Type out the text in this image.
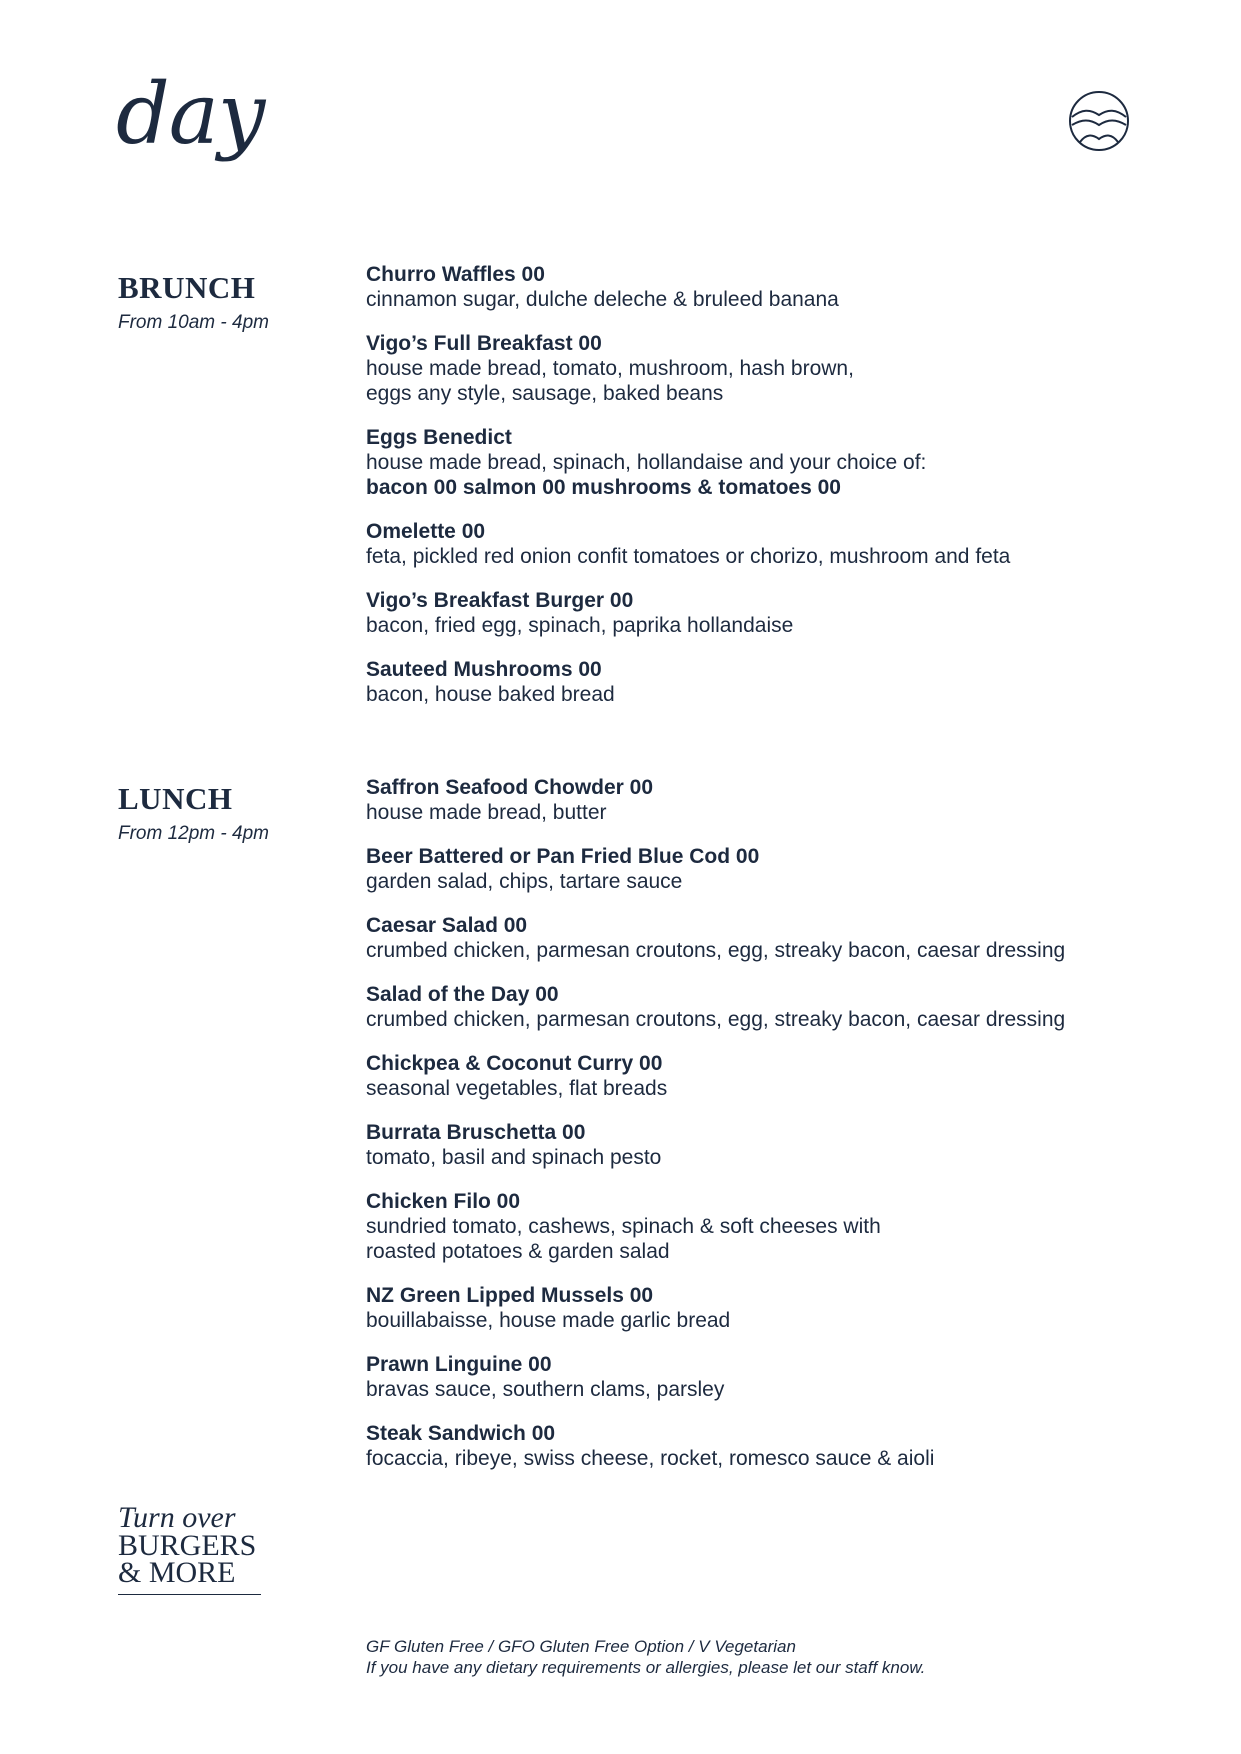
day
BRUNCH
From 10am - 4pm
Churro Waffles 00
cinnamon sugar, dulche deleche & bruleed banana
Vigo’s Full Breakfast 00
house made bread, tomato, mushroom, hash brown,
eggs any style, sausage, baked beans
Eggs Benedict
house made bread, spinach, hollandaise and your choice of:
bacon 00 salmon 00 mushrooms & tomatoes 00
Omelette 00
feta, pickled red onion confit tomatoes or chorizo, mushroom and feta
Vigo’s Breakfast Burger 00
bacon, fried egg, spinach, paprika hollandaise
Sauteed Mushrooms 00
bacon, house baked bread
LUNCH
From 12pm - 4pm
Saffron Seafood Chowder 00
house made bread, butter
Beer Battered or Pan Fried Blue Cod 00
garden salad, chips, tartare sauce
Caesar Salad 00
crumbed chicken, parmesan croutons, egg, streaky bacon, caesar dressing
Salad of the Day 00
crumbed chicken, parmesan croutons, egg, streaky bacon, caesar dressing
Chickpea & Coconut Curry 00
seasonal vegetables, flat breads
Burrata Bruschetta 00
tomato, basil and spinach pesto
Chicken Filo 00
sundried tomato, cashews, spinach & soft cheeses with
roasted potatoes & garden salad
NZ Green Lipped Mussels 00
bouillabaisse, house made garlic bread
Prawn Linguine 00
bravas sauce, southern clams, parsley
Steak Sandwich 00
focaccia, ribeye, swiss cheese, rocket, romesco sauce & aioli
Turn over
BURGERS
& MORE
GF Gluten Free / GFO Gluten Free Option / V Vegetarian
If you have any dietary requirements or allergies, please let our staff know.
